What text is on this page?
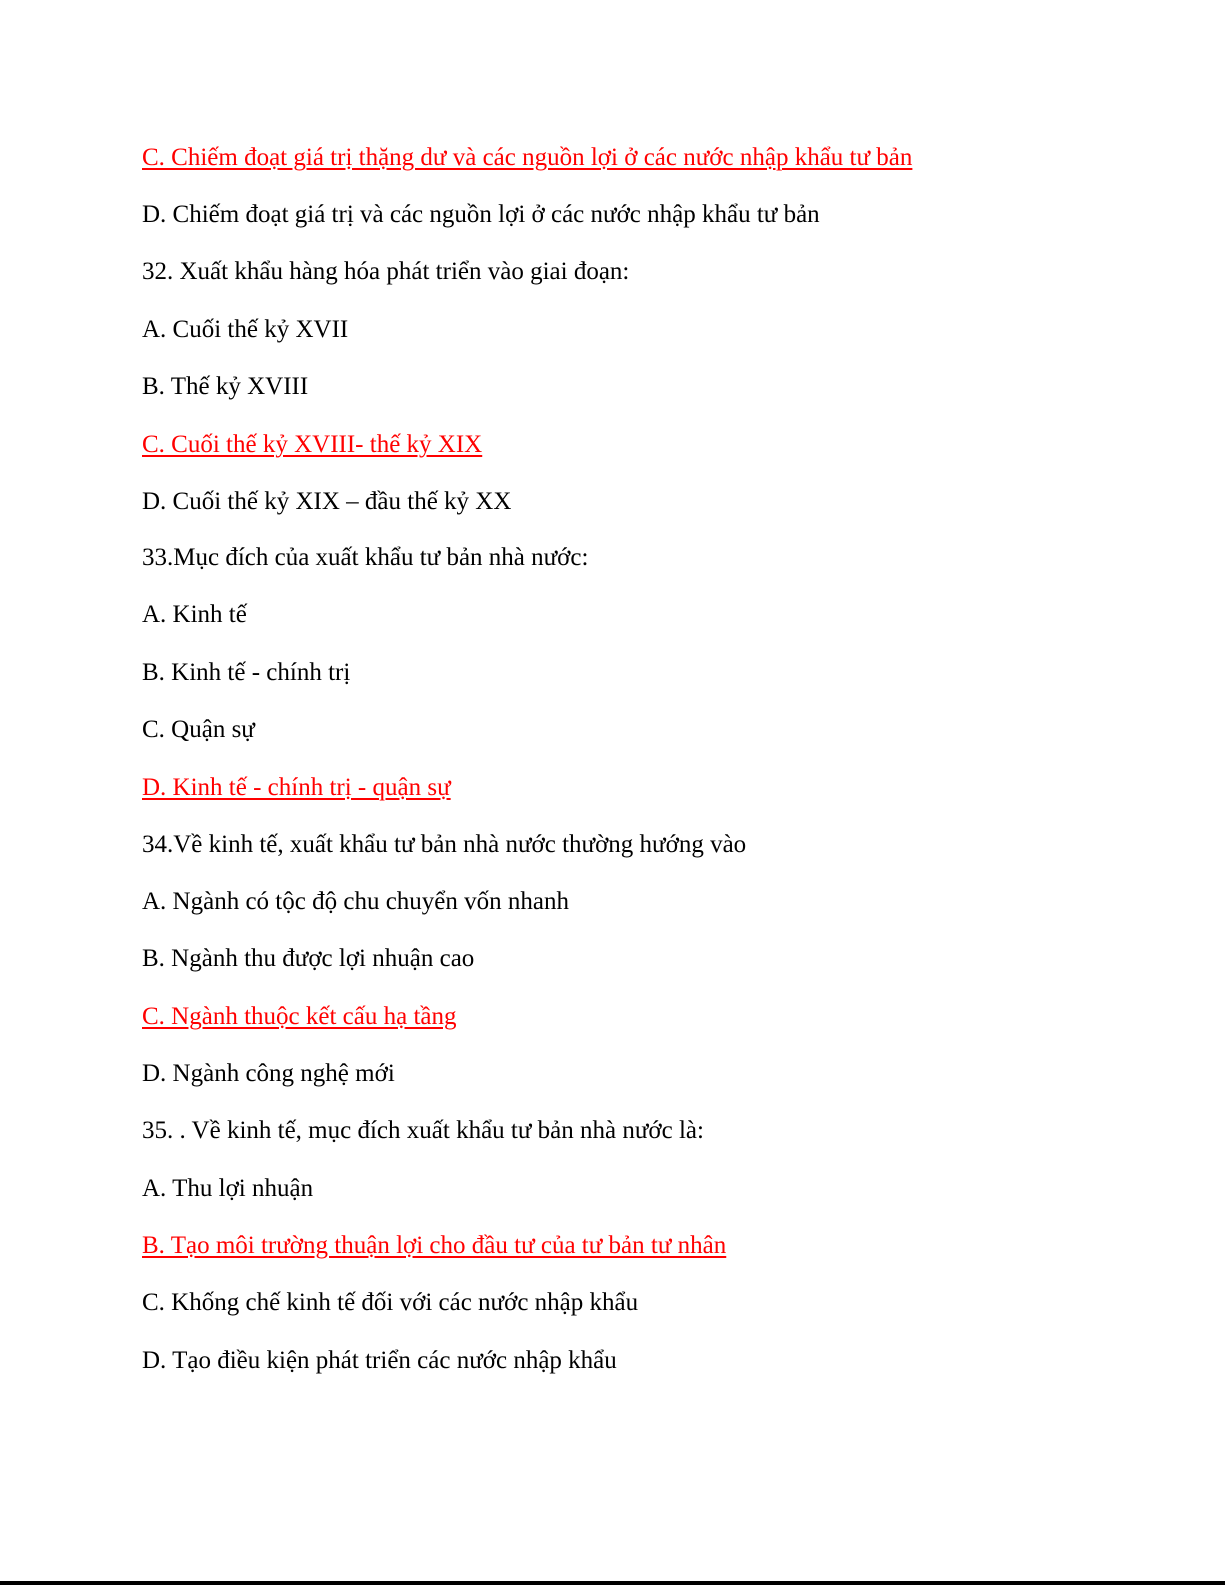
C. Chiếm đoạt giá trị thặng dư và các nguồn lợi ở các nước nhập khẩu tư bản
D. Chiếm đoạt giá trị và các nguồn lợi ở các nước nhập khẩu tư bản
32. Xuất khẩu hàng hóa phát triển vào giai đoạn:
A. Cuối thế kỷ XVII
B. Thế kỷ XVIII
C. Cuối thế kỷ XVIII- thế kỷ XIX
D. Cuối thế kỷ XIX – đầu thế kỷ XX
33.Mục đích của xuất khẩu tư bản nhà nước:
A. Kinh tế
B. Kinh tế - chính trị
C. Quận sự
D. Kinh tế - chính trị - quận sự
34.Về kinh tế, xuất khẩu tư bản nhà nước thường hướng vào
A. Ngành có tộc độ chu chuyển vốn nhanh
B. Ngành thu được lợi nhuận cao
C. Ngành thuộc kết cấu hạ tầng
D. Ngành công nghệ mới
35. . Về kinh tế, mục đích xuất khẩu tư bản nhà nước là:
A. Thu lợi nhuận
B. Tạo môi trường thuận lợi cho đầu tư của tư bản tư nhân
C. Khống chế kinh tế đối với các nước nhập khẩu
D. Tạo điều kiện phát triển các nước nhập khẩu
